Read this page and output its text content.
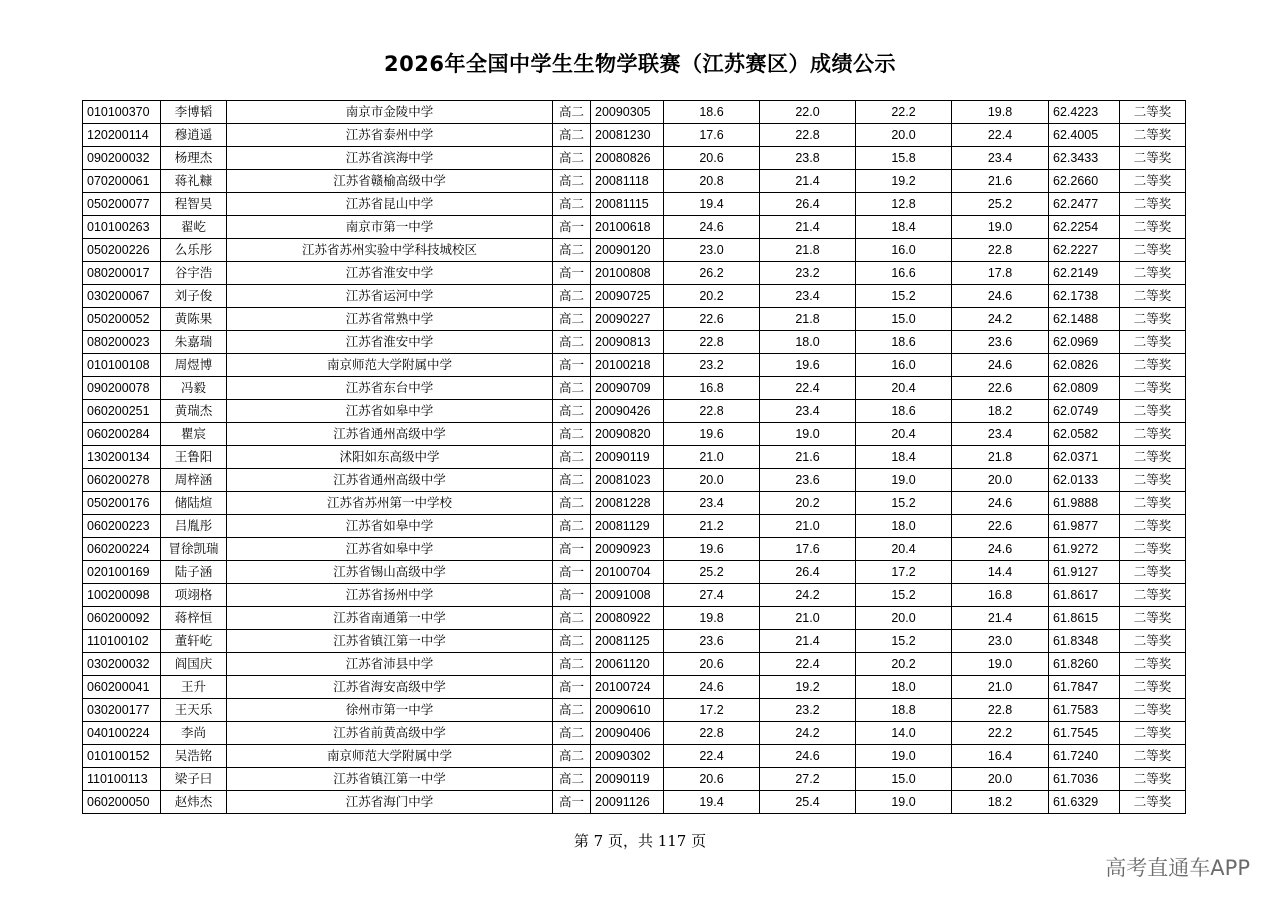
2026年全国中学生生物学联赛（江苏赛区）成绩公示
010100370	李博韬	南京市金陵中学	高二	20090305	18.6	22.0	22.2	19.8	62.4223	二等奖
120200114	穆逍遥	江苏省泰州中学	高二	20081230	17.6	22.8	20.0	22.4	62.4005	二等奖
090200032	杨理杰	江苏省滨海中学	高二	20080826	20.6	23.8	15.8	23.4	62.3433	二等奖
070200061	蒋礼糠	江苏省赣榆高级中学	高二	20081118	20.8	21.4	19.2	21.6	62.2660	二等奖
050200077	程智昊	江苏省昆山中学	高二	20081115	19.4	26.4	12.8	25.2	62.2477	二等奖
010100263	翟屹	南京市第一中学	高一	20100618	24.6	21.4	18.4	19.0	62.2254	二等奖
050200226	么乐彤	江苏省苏州实验中学科技城校区	高二	20090120	23.0	21.8	16.0	22.8	62.2227	二等奖
080200017	谷宇浩	江苏省淮安中学	高一	20100808	26.2	23.2	16.6	17.8	62.2149	二等奖
030200067	刘子俊	江苏省运河中学	高二	20090725	20.2	23.4	15.2	24.6	62.1738	二等奖
050200052	黄陈果	江苏省常熟中学	高二	20090227	22.6	21.8	15.0	24.2	62.1488	二等奖
080200023	朱嘉瑞	江苏省淮安中学	高二	20090813	22.8	18.0	18.6	23.6	62.0969	二等奖
010100108	周煜博	南京师范大学附属中学	高一	20100218	23.2	19.6	16.0	24.6	62.0826	二等奖
090200078	冯毅	江苏省东台中学	高二	20090709	16.8	22.4	20.4	22.6	62.0809	二等奖
060200251	黄瑞杰	江苏省如皋中学	高二	20090426	22.8	23.4	18.6	18.2	62.0749	二等奖
060200284	瞿宸	江苏省通州高级中学	高二	20090820	19.6	19.0	20.4	23.4	62.0582	二等奖
130200134	王鲁阳	沭阳如东高级中学	高二	20090119	21.0	21.6	18.4	21.8	62.0371	二等奖
060200278	周梓涵	江苏省通州高级中学	高二	20081023	20.0	23.6	19.0	20.0	62.0133	二等奖
050200176	储陆煊	江苏省苏州第一中学校	高二	20081228	23.4	20.2	15.2	24.6	61.9888	二等奖
060200223	吕胤彤	江苏省如皋中学	高二	20081129	21.2	21.0	18.0	22.6	61.9877	二等奖
060200224	冒徐凯瑞	江苏省如皋中学	高一	20090923	19.6	17.6	20.4	24.6	61.9272	二等奖
020100169	陆子涵	江苏省锡山高级中学	高一	20100704	25.2	26.4	17.2	14.4	61.9127	二等奖
100200098	项翊格	江苏省扬州中学	高一	20091008	27.4	24.2	15.2	16.8	61.8617	二等奖
060200092	蒋梓恒	江苏省南通第一中学	高二	20080922	19.8	21.0	20.0	21.4	61.8615	二等奖
110100102	董轩屹	江苏省镇江第一中学	高二	20081125	23.6	21.4	15.2	23.0	61.8348	二等奖
030200032	阎国庆	江苏省沛县中学	高二	20061120	20.6	22.4	20.2	19.0	61.8260	二等奖
060200041	王升	江苏省海安高级中学	高一	20100724	24.6	19.2	18.0	21.0	61.7847	二等奖
030200177	王天乐	徐州市第一中学	高二	20090610	17.2	23.2	18.8	22.8	61.7583	二等奖
040100224	李尚	江苏省前黄高级中学	高二	20090406	22.8	24.2	14.0	22.2	61.7545	二等奖
010100152	吴浩铭	南京师范大学附属中学	高二	20090302	22.4	24.6	19.0	16.4	61.7240	二等奖
110100113	梁子曰	江苏省镇江第一中学	高二	20090119	20.6	27.2	15.0	20.0	61.7036	二等奖
060200050	赵炜杰	江苏省海门中学	高一	20091126	19.4	25.4	19.0	18.2	61.6329	二等奖
第 7 页，共 117 页
高考直通车APP
